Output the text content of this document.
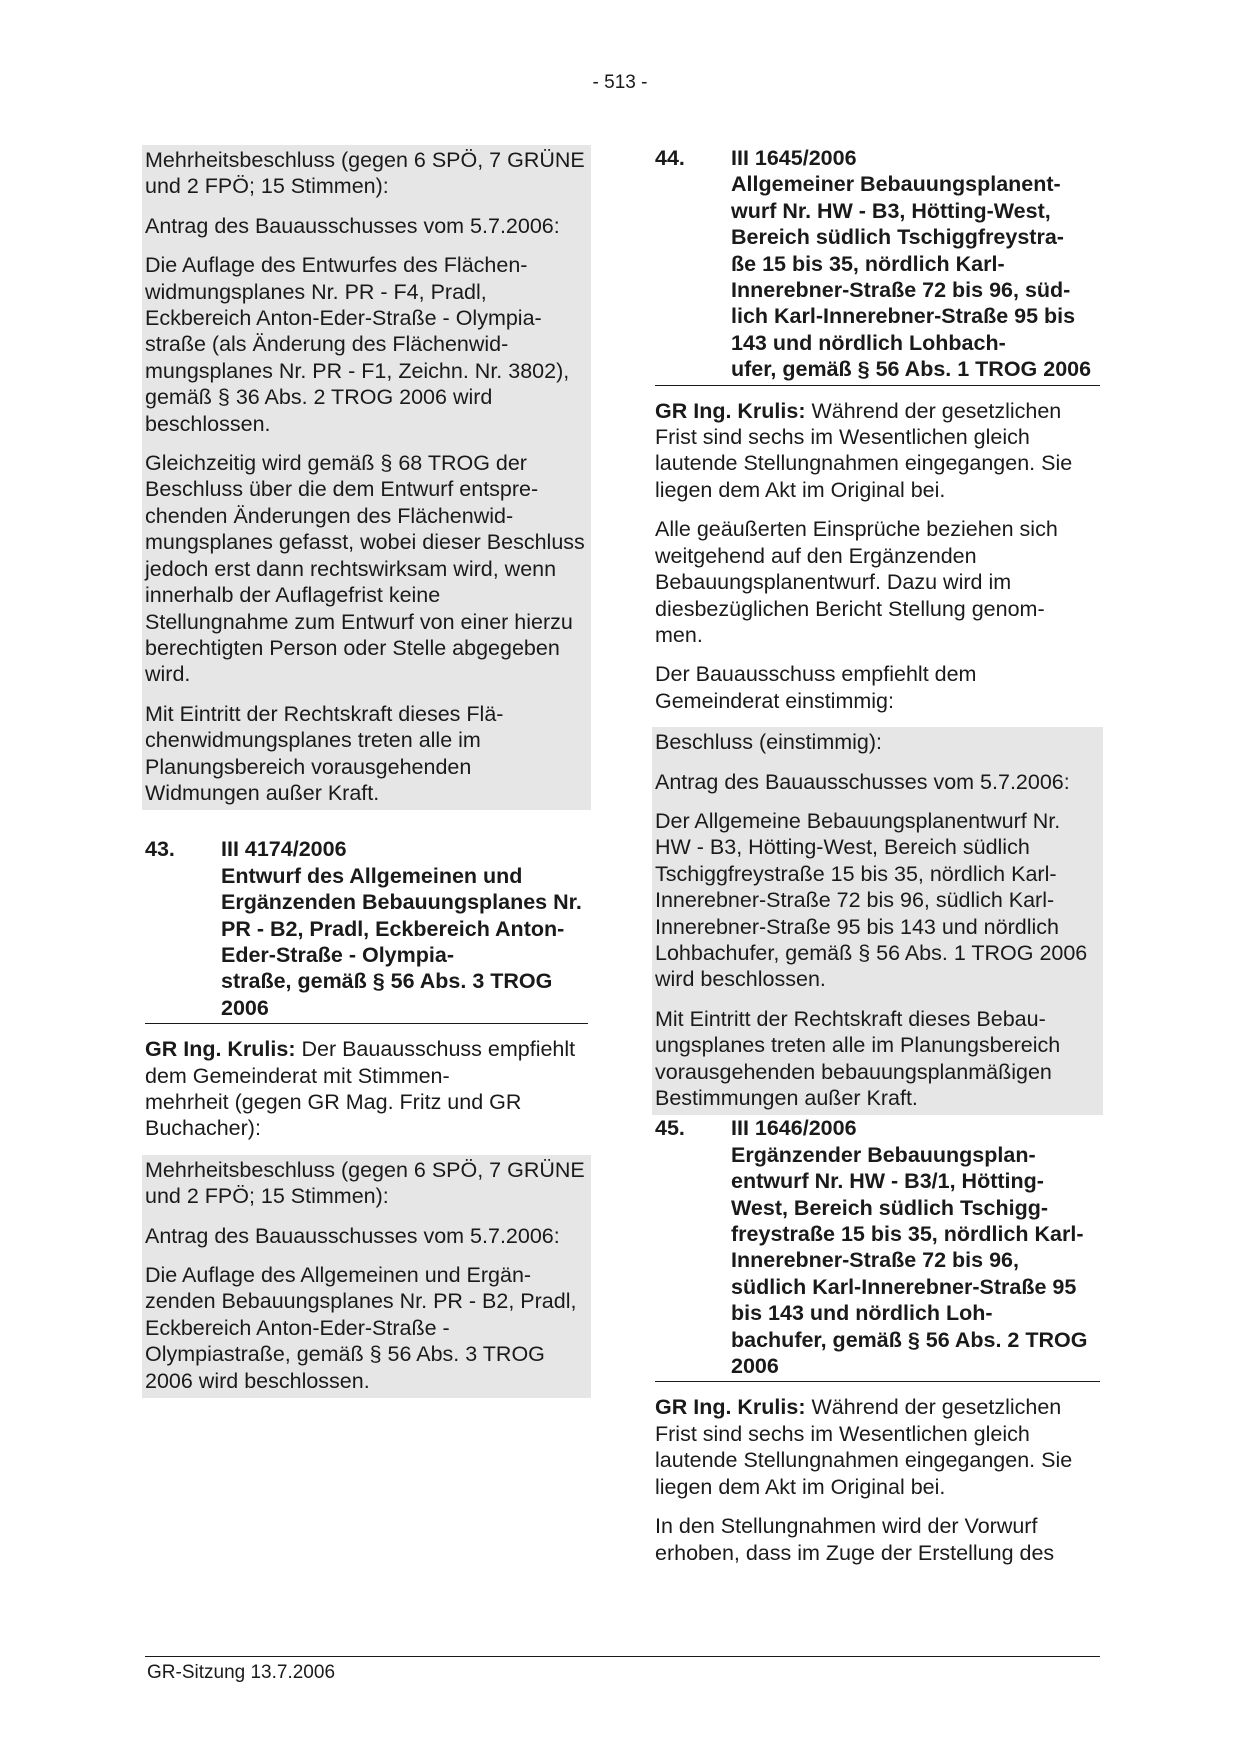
- 513 -

Mehrheitsbeschluss (gegen 6 SPÖ, 7 GRÜNE und 2 FPÖ; 15 Stimmen):

Antrag des Bauausschusses vom 5.7.2006:

Die Auflage des Entwurfes des Flächen-
widmungsplanes Nr. PR - F4, Pradl, Eckbereich Anton-Eder-Straße - Olympia-
straße (als Änderung des Flächenwid-
mungsplanes Nr. PR - F1, Zeichn. Nr. 3802), gemäß § 36 Abs. 2 TROG 2006 wird beschlossen.

Gleichzeitig wird gemäß § 68 TROG der Beschluss über die dem Entwurf entspre-
chenden Änderungen des Flächenwid-
mungsplanes gefasst, wobei dieser Beschluss jedoch erst dann rechtswirksam wird, wenn innerhalb der Auflagefrist keine Stellungnahme zum Entwurf von einer hierzu berechtigten Person oder Stelle abgegeben wird.

Mit Eintritt der Rechtskraft dieses Flä-
chenwidmungsplanes treten alle im Planungsbereich vorausgehenden Widmungen außer Kraft.

43.	III 4174/2006
Entwurf des Allgemeinen und Ergänzenden Bebauungsplanes Nr. PR - B2, Pradl, Eckbereich Anton-Eder-Straße - Olympia-
straße, gemäß § 56 Abs. 3 TROG 2006

GR Ing. Krulis: Der Bauausschuss empfiehlt dem Gemeinderat mit Stimmen-
mehrheit (gegen GR Mag. Fritz und GR Buchacher):

Mehrheitsbeschluss (gegen 6 SPÖ, 7 GRÜNE und 2 FPÖ; 15 Stimmen):

Antrag des Bauausschusses vom 5.7.2006:

Die Auflage des Allgemeinen und Ergän-
zenden Bebauungsplanes Nr. PR - B2, Pradl, Eckbereich Anton-Eder-Straße - Olympiastraße, gemäß § 56 Abs. 3 TROG 2006 wird beschlossen.

44.	III 1645/2006
Allgemeiner Bebauungsplanent-
wurf Nr. HW - B3, Hötting-West, Bereich südlich Tschiggfreystra-
ße 15 bis 35, nördlich Karl-
Innerebner-Straße 72 bis 96, süd-
lich Karl-Innerebner-Straße 95 bis 143 und nördlich Lohbach-
ufer, gemäß § 56 Abs. 1 TROG 2006

GR Ing. Krulis: Während der gesetzlichen Frist sind sechs im Wesentlichen gleich lautende Stellungnahmen eingegangen. Sie liegen dem Akt im Original bei.

Alle geäußerten Einsprüche beziehen sich weitgehend auf den Ergänzenden Bebauungsplanentwurf. Dazu wird im diesbezüglichen Bericht Stellung genom-
men.

Der Bauausschuss empfiehlt dem Gemeinderat einstimmig:

Beschluss (einstimmig):

Antrag des Bauausschusses vom 5.7.2006:

Der Allgemeine Bebauungsplanentwurf Nr. HW - B3, Hötting-West, Bereich südlich Tschiggfreystraße 15 bis 35, nördlich Karl-Innerebner-Straße 72 bis 96, südlich Karl-Innerebner-Straße 95 bis 143 und nördlich Lohbachufer, gemäß § 56 Abs. 1 TROG 2006 wird beschlossen.

Mit Eintritt der Rechtskraft dieses Bebau-
ungsplanes treten alle im Planungsbereich vorausgehenden bebauungsplanmäßigen Bestimmungen außer Kraft.

45.	III 1646/2006
Ergänzender Bebauungsplan-
entwurf Nr. HW - B3/1, Hötting-
West, Bereich südlich Tschigg-
freystraße 15 bis 35, nördlich Karl-Innerebner-Straße 72 bis 96, südlich Karl-Innerebner-Straße 95 bis 143 und nördlich Loh-
bachufer, gemäß § 56 Abs. 2 TROG 2006

GR Ing. Krulis: Während der gesetzlichen Frist sind sechs im Wesentlichen gleich lautende Stellungnahmen eingegangen. Sie liegen dem Akt im Original bei.

In den Stellungnahmen wird der Vorwurf erhoben, dass im Zuge der Erstellung des

GR-Sitzung 13.7.2006
